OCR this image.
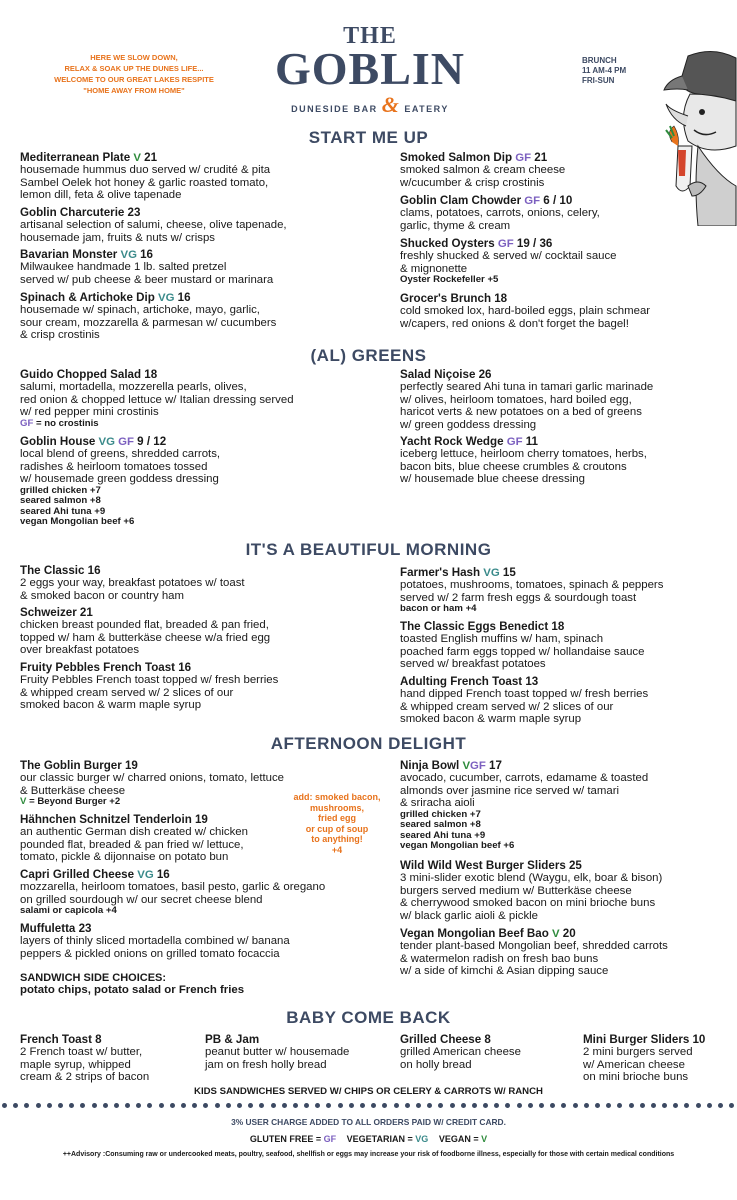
HERE WE SLOW DOWN,
RELAX & SOAK UP THE DUNES LIFE...
WELCOME TO OUR GREAT LAKES RESPITE
"HOME AWAY FROM HOME"
THE
GOBLIN
DUNESIDE BAR & EATERY
BRUNCH
11 AM-4 PM
FRI-SUN
START ME UP
Mediterranean Plate V 21
housemade hummus duo served w/ crudité & pita
Sambel Oelek hot honey & garlic roasted tomato,
lemon dill, feta & olive tapenade
Goblin Charcuterie 23
artisanal selection of salumi, cheese, olive tapenade,
housemade jam, fruits & nuts w/ crisps
Bavarian Monster VG 16
Milwaukee handmade 1 lb. salted pretzel
served w/ pub cheese & beer mustard or marinara
Spinach & Artichoke Dip VG 16
housemade w/ spinach, artichoke, mayo, garlic,
sour cream, mozzarella & parmesan w/ cucumbers
& crisp crostinis
Smoked Salmon Dip GF 21
smoked salmon & cream cheese
w/cucumber & crisp crostinis
Goblin Clam Chowder GF 6 / 10
clams, potatoes, carrots, onions, celery,
garlic, thyme & cream
Shucked Oysters GF 19 / 36
freshly shucked & served w/ cocktail sauce
& mignonette
Oyster Rockefeller +5
Grocer's Brunch 18
cold smoked lox, hard-boiled eggs, plain schmear
w/capers, red onions & don't forget the bagel!
(AL) GREENS
Guido Chopped Salad 18
salumi, mortadella, mozzerella pearls, olives,
red onion & chopped lettuce w/ Italian dressing served
w/ red pepper mini crostinis
GF = no crostinis
Goblin House VG GF 9 / 12
local blend of greens, shredded carrots,
radishes & heirloom tomatoes tossed
w/ housemade green goddess dressing
grilled chicken +7
seared salmon +8
seared Ahi tuna +9
vegan Mongolian beef +6
Salad Niçoise 26
perfectly seared Ahi tuna in tamari garlic marinade
w/ olives, heirloom tomatoes, hard boiled egg,
haricot verts & new potatoes on a bed of greens
w/ green goddess dressing
Yacht Rock Wedge GF 11
iceberg lettuce, heirloom cherry tomatoes, herbs,
bacon bits, blue cheese crumbles & croutons
w/ housemade blue cheese dressing
IT'S A BEAUTIFUL MORNING
The Classic 16
2 eggs your way, breakfast potatoes w/ toast
& smoked bacon or country ham
Schweizer 21
chicken breast pounded flat, breaded & pan fried,
topped w/ ham & butterkäse cheese w/a fried egg
over breakfast potatoes
Fruity Pebbles French Toast 16
Fruity Pebbles French toast topped w/ fresh berries
& whipped cream served w/ 2 slices of our
smoked bacon & warm maple syrup
Farmer's Hash VG 15
potatoes, mushrooms, tomatoes, spinach & peppers
served w/ 2 farm fresh eggs & sourdough toast
bacon or ham +4
The Classic Eggs Benedict 18
toasted English muffins w/ ham, spinach
poached farm eggs topped w/ hollandaise sauce
served w/ breakfast potatoes
Adulting French Toast 13
hand dipped French toast topped w/ fresh berries
& whipped cream served w/ 2 slices of our
smoked bacon & warm maple syrup
AFTERNOON DELIGHT
The Goblin Burger 19
our classic burger w/ charred onions, tomato, lettuce
& Butterkäse cheese
V = Beyond Burger +2
Hähnchen Schnitzel Tenderloin 19
an authentic German dish created w/ chicken
pounded flat, breaded & pan fried w/ lettuce,
tomato, pickle & dijonnaise on potato bun
Capri Grilled Cheese VG 16
mozzarella, heirloom tomatoes, basil pesto, garlic & oregano
on grilled sourdough w/ our secret cheese blend
salami or capicola +4
Muffuletta 23
layers of thinly sliced mortadella combined w/ banana
peppers & pickled onions on grilled tomato focaccia
SANDWICH SIDE CHOICES:
potato chips, potato salad or French fries
add: smoked bacon,
mushrooms,
fried egg
or cup of soup
to anything!
+4
Ninja Bowl VGF 17
avocado, cucumber, carrots, edamame & toasted
almonds over jasmine rice served w/ tamari
& sriracha aioli
grilled chicken +7
seared salmon +8
seared Ahi tuna +9
vegan Mongolian beef +6
Wild Wild West Burger Sliders 25
3 mini-slider exotic blend (Waygu, elk, boar & bison)
burgers served medium w/ Butterkäse cheese
& cherrywood smoked bacon on mini brioche buns
w/ black garlic aioli & pickle
Vegan Mongolian Beef Bao V 20
tender plant-based Mongolian beef, shredded carrots
& watermelon radish on fresh bao buns
w/ a side of kimchi & Asian dipping sauce
BABY COME BACK
French Toast 8
2 French toast w/ butter,
maple syrup, whipped
cream & 2 strips of bacon
PB & Jam
peanut butter w/ housemade
jam on fresh holly bread
Grilled Cheese 8
grilled American cheese
on holly bread
Mini Burger Sliders 10
2 mini burgers served
w/ American cheese
on mini brioche buns
KIDS SANDWICHES SERVED W/ CHIPS OR CELERY & CARROTS W/ RANCH
3% USER CHARGE ADDED TO ALL ORDERS PAID W/ CREDIT CARD.
GLUTEN FREE = GF VEGETARIAN = VG VEGAN = V
++Advisory :Consuming raw or undercooked meats, poultry, seafood, shellfish or eggs may increase your risk of foodborne illness, especially for those with certain medical conditions
